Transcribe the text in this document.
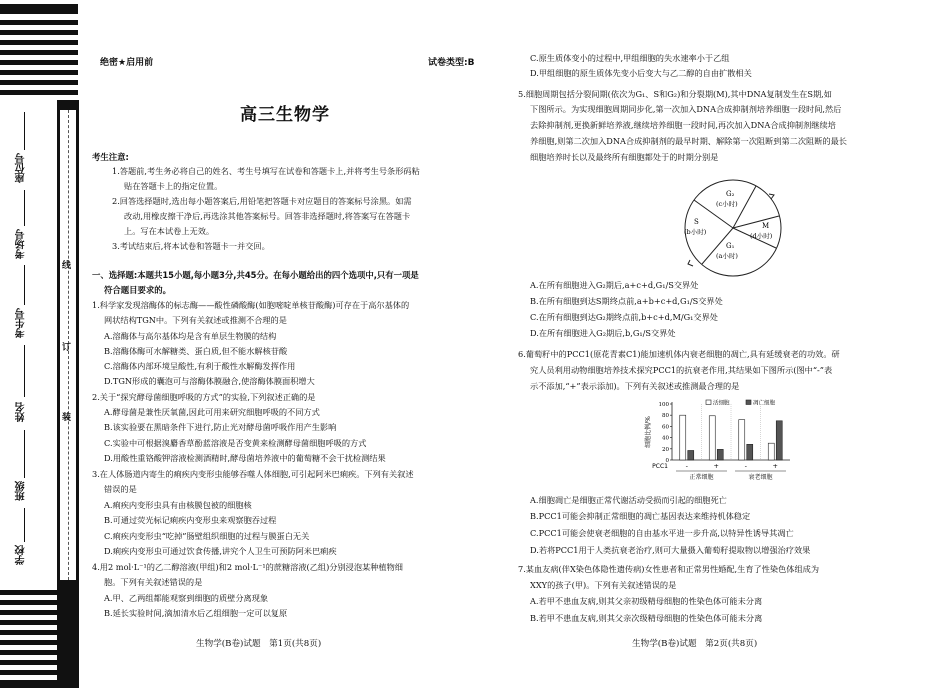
座位号
考场号
考生号
姓名
班级
学校
线
订
装
绝密★启用前	试卷类型:B
高三生物学
考生注意:
1.答题前,考生务必将自己的姓名、考生号填写在试卷和答题卡上,并将考生号条形码粘
贴在答题卡上的指定位置。
2.回答选择题时,选出每小题答案后,用铅笔把答题卡对应题目的答案标号涂黑。如需
改动,用橡皮擦干净后,再选涂其他答案标号。回答非选择题时,将答案写在答题卡
上。写在本试卷上无效。
3.考试结束后,将本试卷和答题卡一并交回。
一、选择题:本题共15小题,每小题3分,共45分。在每小题给出的四个选项中,只有一项是
符合题目要求的。
1.科学家发现溶酶体的标志酶——酸性磷酸酶(如胞嘧啶单核苷酸酶)可存在于高尔基体的
网状结构TGN中。下列有关叙述或推测不合理的是
A.溶酶体与高尔基体均是含有单层生物膜的结构
B.溶酶体酶可水解糖类、蛋白质,但不能水解核苷酸
C.溶酶体内部环境呈酸性,有利于酸性水解酶发挥作用
D.TGN形成的囊泡可与溶酶体膜融合,使溶酶体膜面积增大
2.关于“探究酵母菌细胞呼吸的方式”的实验,下列叙述正确的是
A.酵母菌是兼性厌氧菌,因此可用来研究细胞呼吸的不同方式
B.该实验要在黑暗条件下进行,防止光对酵母菌呼吸作用产生影响
C.实验中可根据溴麝香草酚蓝溶液是否变黄来检测酵母菌细胞呼吸的方式
D.用酸性重铬酸钾溶液检测酒精时,酵母菌培养液中的葡萄糖不会干扰检测结果
3.在人体肠道内寄生的痢疾内变形虫能够吞噬人体细胞,可引起阿米巴痢疾。下列有关叙述
错误的是
A.痢疾内变形虫具有由核膜包被的细胞核
B.可通过荧光标记痢疾内变形虫来观察胞吞过程
C.痢疾内变形虫“吃掉”肠壁组织细胞的过程与膜蛋白无关
D.痢疾内变形虫可通过饮食传播,讲究个人卫生可预防阿米巴痢疾
4.用2 mol·L⁻¹的乙二醇溶液(甲组)和2 mol·L⁻¹的蔗糖溶液(乙组)分别浸泡某种植物细
胞。下列有关叙述错误的是
A.甲、乙两组都能观察到细胞的质壁分离现象
B.延长实验时间,滴加清水后乙组细胞一定可以复原
生物学(B卷)试题　第1页(共8页)
C.原生质体变小的过程中,甲组细胞的失水速率小于乙组
D.甲组细胞的原生质体先变小后变大与乙二醇的自由扩散相关
5.细胞周期包括分裂间期(依次为G₁、S和G₂)和分裂期(M),其中DNA复制发生在S期,如
下图所示。为实现细胞周期同步化,第一次加入DNA合成抑制剂培养细胞一段时间,然后
去除抑制剂,更换新鲜培养液,继续培养细胞一段时间,再次加入DNA合成抑制剂继续培
养细胞,则第二次加入DNA合成抑制剂的最早时期、解除第一次阻断到第二次阻断的最长
细胞培养时长以及最终所有细胞都处于的时期分别是
G₂
(c小时)
S
(b小时)
M
(d小时)
G₁
(a小时)
A.在所有细胞进入G₂期后,a+c+d,G₁/S交界处
B.在所有细胞到达S期终点前,a+b+c+d,G₁/S交界处
C.在所有细胞到达G₂期终点前,b+c+d,M/G₁交界处
D.在所有细胞进入G₂期后,b,G₁/S交界处
6.葡萄籽中的PCC1(原花青素C1)能加速机体内衰老细胞的凋亡,具有延缓衰老的功效。研
究人员利用动物细胞培养技术探究PCC1的抗衰老作用,其结果如下图所示(图中“-”表
示不添加,“+”表示添加)。下列有关叙述或推测最合理的是
细胞比例/%
0
20
40
60
80
100	活细胞	凋亡细胞
-	+	-	+
PCC1
正常细胞	衰老细胞
A.细胞凋亡是细胞正常代谢活动受损而引起的细胞死亡
B.PCC1可能会抑制正常细胞的凋亡基因表达来维持机体稳定
C.PCC1可能会使衰老细胞的自由基水平进一步升高,以特异性诱导其凋亡
D.若将PCC1用于人类抗衰老治疗,则可大量摄入葡萄籽提取物以增强治疗效果
7.某血友病(伴X染色体隐性遗传病)女性患者和正常男性婚配,生育了性染色体组成为
XXY的孩子(甲)。下列有关叙述错误的是
A.若甲不患血友病,则其父亲初级精母细胞的性染色体可能未分离
B.若甲不患血友病,则其父亲次级精母细胞的性染色体可能未分离
生物学(B卷)试题　第2页(共8页)
